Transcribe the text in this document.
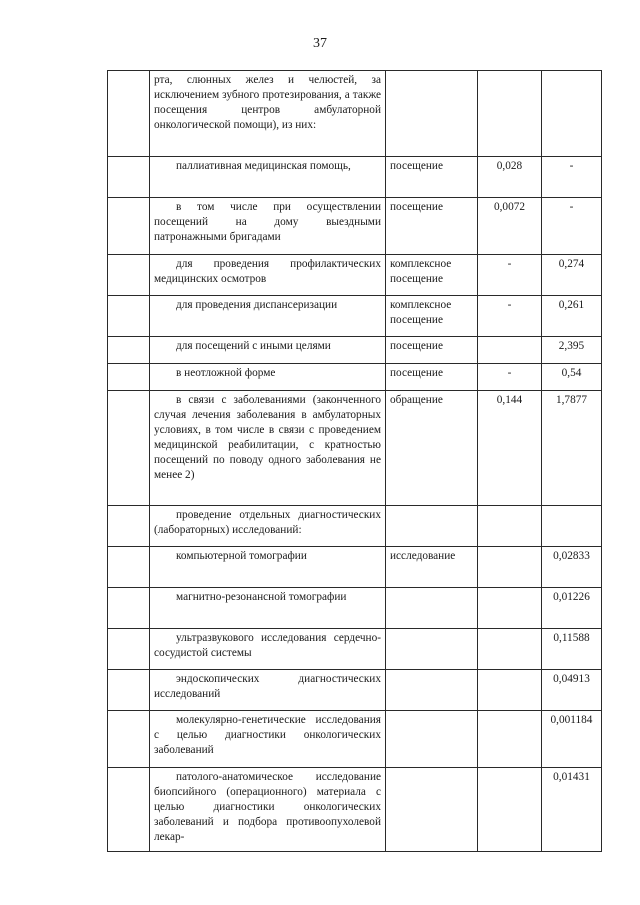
37
	рта, слюнных желез и челюстей, за исключением зубного протезирования, а также посещения центров амбулаторной онкологической помощи), из них:			

	паллиативная медицинская помощь,	посещение	0,028	-

	в том числе при осуществлении посещений на дому выездными патронажными бригадами	посещение	0,0072	-

	для проведения профилактических медицинских осмотров	комплексное посещение	-	0,274

	для проведения диспансеризации	комплексное посещение	-	0,261

	для посещений с иными целями	посещение		2,395

	в неотложной форме	посещение	-	0,54

	в связи с заболеваниями (законченного случая лечения заболевания в амбулаторных условиях, в том числе в связи с проведением медицинской реабилитации, с кратностью посещений по поводу одного заболевания не менее 2)	обращение	0,144	1,7877

	проведение отдельных диагностических (лабораторных) исследований:			

	компьютерной томографии	исследование		0,02833

	магнитно-резонансной томографии			0,01226

	ультразвукового исследования сердечно-сосудистой системы			0,11588

	эндоскопических диагностических исследований			0,04913

	молекулярно-генетические исследования с целью диагностики онкологических заболеваний			0,001184

	патолого-анатомическое исследование биопсийного (операционного) материала с целью диагностики онкологических заболеваний и подбора противоопухолевой лекар-			0,01431
